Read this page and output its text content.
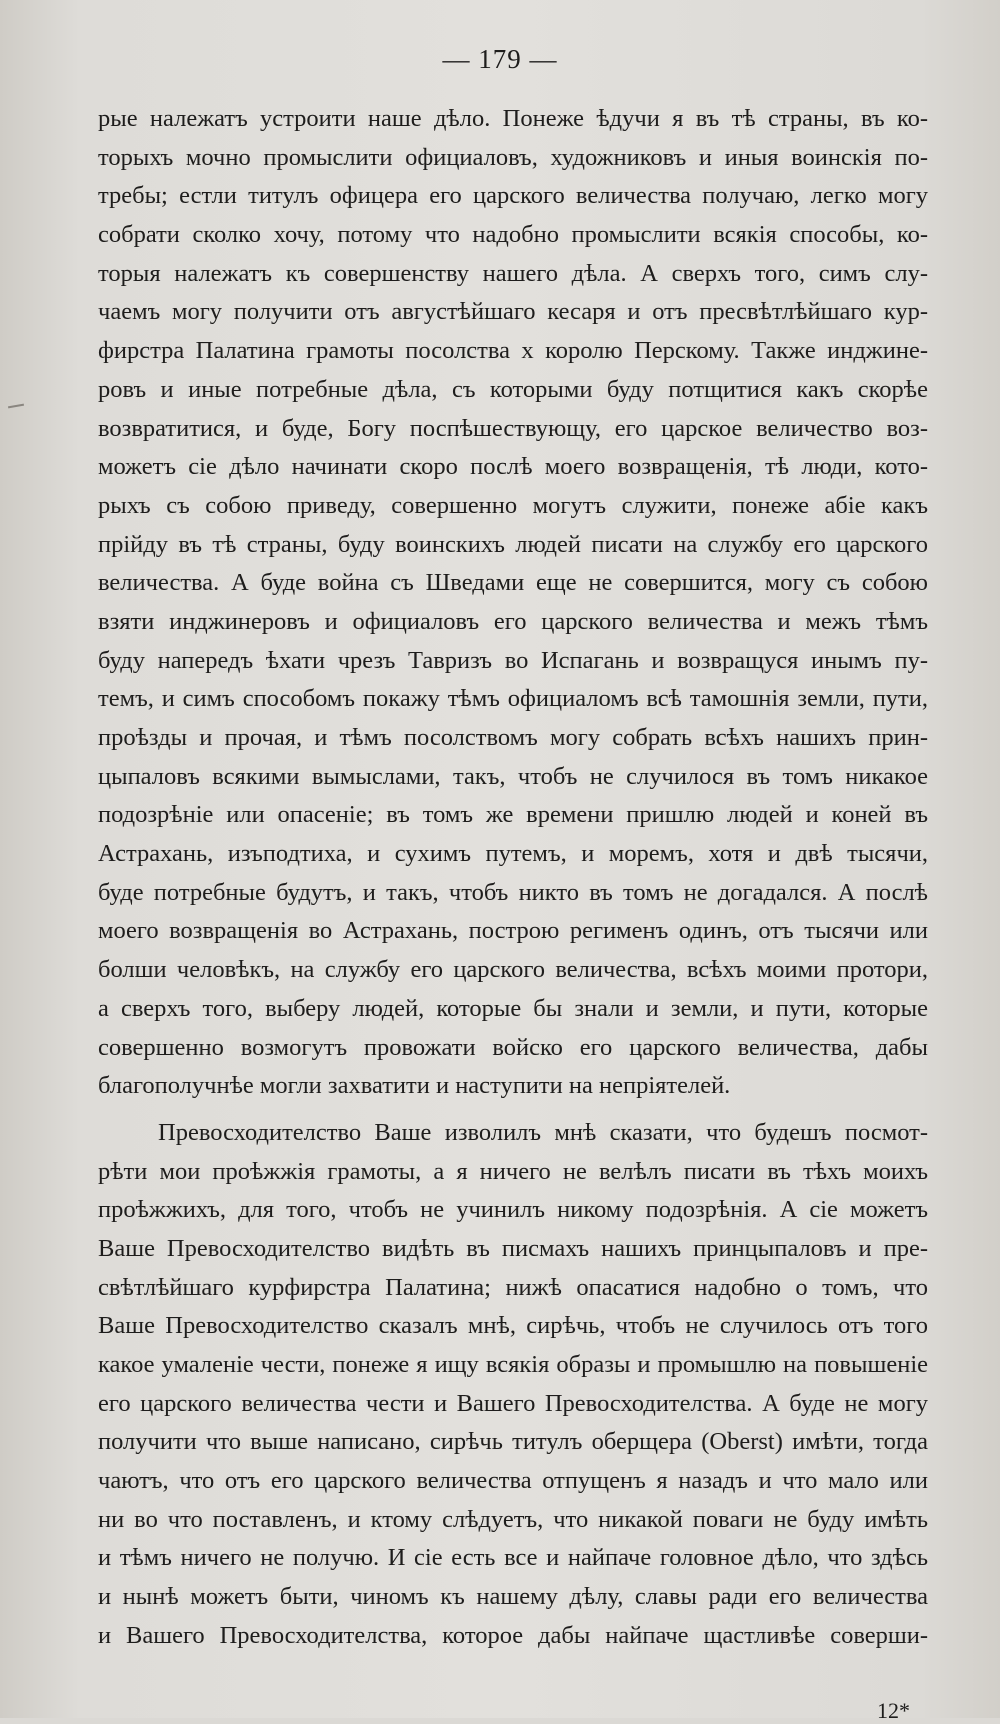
— 179 —
рые належатъ устроити наше дѣло. Понеже ѣдучи я въ тѣ страны, въ ко-
торыхъ мочно промыслити официаловъ, художниковъ и иныя воинскія по-
требы; естли титулъ офицера его царского величества получаю, легко могу
собрати сколко хочу, потому что надобно промыслити всякія способы, ко-
торыя належатъ къ совершенству нашего дѣла. А сверхъ того, симъ слу-
чаемъ могу получити отъ августѣйшаго кесаря и отъ пресвѣтлѣйшаго кур-
фирстра Палатина грамоты посолства х королю Перскому. Также инджине-
ровъ и иные потребные дѣла, съ которыми буду потщитися какъ скорѣе
возвратитися, и буде, Богу поспѣшествующу, его царское величество воз-
можетъ сіе дѣло начинати скоро послѣ моего возвращенія, тѣ люди, кото-
рыхъ съ собою приведу, совершенно могутъ служити, понеже абіе какъ
прійду въ тѣ страны, буду воинскихъ людей писати на службу его царского
величества. А буде война съ Шведами еще не совершится, могу съ собою
взяти инджинеровъ и официаловъ его царского величества и межъ тѣмъ
буду напередъ ѣхати чрезъ Тавризъ во Испагань и возвращуся инымъ пу-
темъ, и симъ способомъ покажу тѣмъ официаломъ всѣ тамошнія земли, пути,
проѣзды и прочая, и тѣмъ посолствомъ могу собрать всѣхъ нашихъ прин-
цыпаловъ всякими вымыслами, такъ, чтобъ не случилося въ томъ никакое
подозрѣніе или опасеніе; въ томъ же времени пришлю людей и коней въ
Астрахань, изъподтиха, и сухимъ путемъ, и моремъ, хотя и двѣ тысячи,
буде потребные будутъ, и такъ, чтобъ никто въ томъ не догадался. А послѣ
моего возвращенія во Астрахань, построю регименъ одинъ, отъ тысячи или
болши человѣкъ, на службу его царского величества, всѣхъ моими протори,
а сверхъ того, выберу людей, которые бы знали и земли, и пути, которые
совершенно возмогутъ провожати войско его царского величества, дабы
благополучнѣе могли захватити и наступити на непріятелей.
Превосходителство Ваше изволилъ мнѣ сказати, что будешъ посмот-
рѣти мои проѣжжія грамоты, а я ничего не велѣлъ писати въ тѣхъ моихъ
проѣжжихъ, для того, чтобъ не учинилъ никому подозрѣнія. А сіе можетъ
Ваше Превосходителство видѣть въ писмахъ нашихъ принцыпаловъ и пре-
свѣтлѣйшаго курфирстра Палатина; нижѣ опасатися надобно о томъ, что
Ваше Превосходителство сказалъ мнѣ, сирѣчь, чтобъ не случилось отъ того
какое умаленіе чести, понеже я ищу всякія образы и промышлю на повышеніе
его царского величества чести и Вашего Превосходителства. А буде не могу
получити что выше написано, сирѣчь титулъ оберщера (Oberst) имѣти, тогда
чаютъ, что отъ его царского величества отпущенъ я назадъ и что мало или
ни во что поставленъ, и ктому слѣдуетъ, что никакой поваги не буду имѣть
и тѣмъ ничего не получю. И сіе есть все и найпаче головное дѣло, что здѣсь
и нынѣ можетъ быти, чиномъ къ нашему дѣлу, славы ради его величества
и Вашего Превосходителства, которое дабы найпаче щастливѣе соверши-
12*
